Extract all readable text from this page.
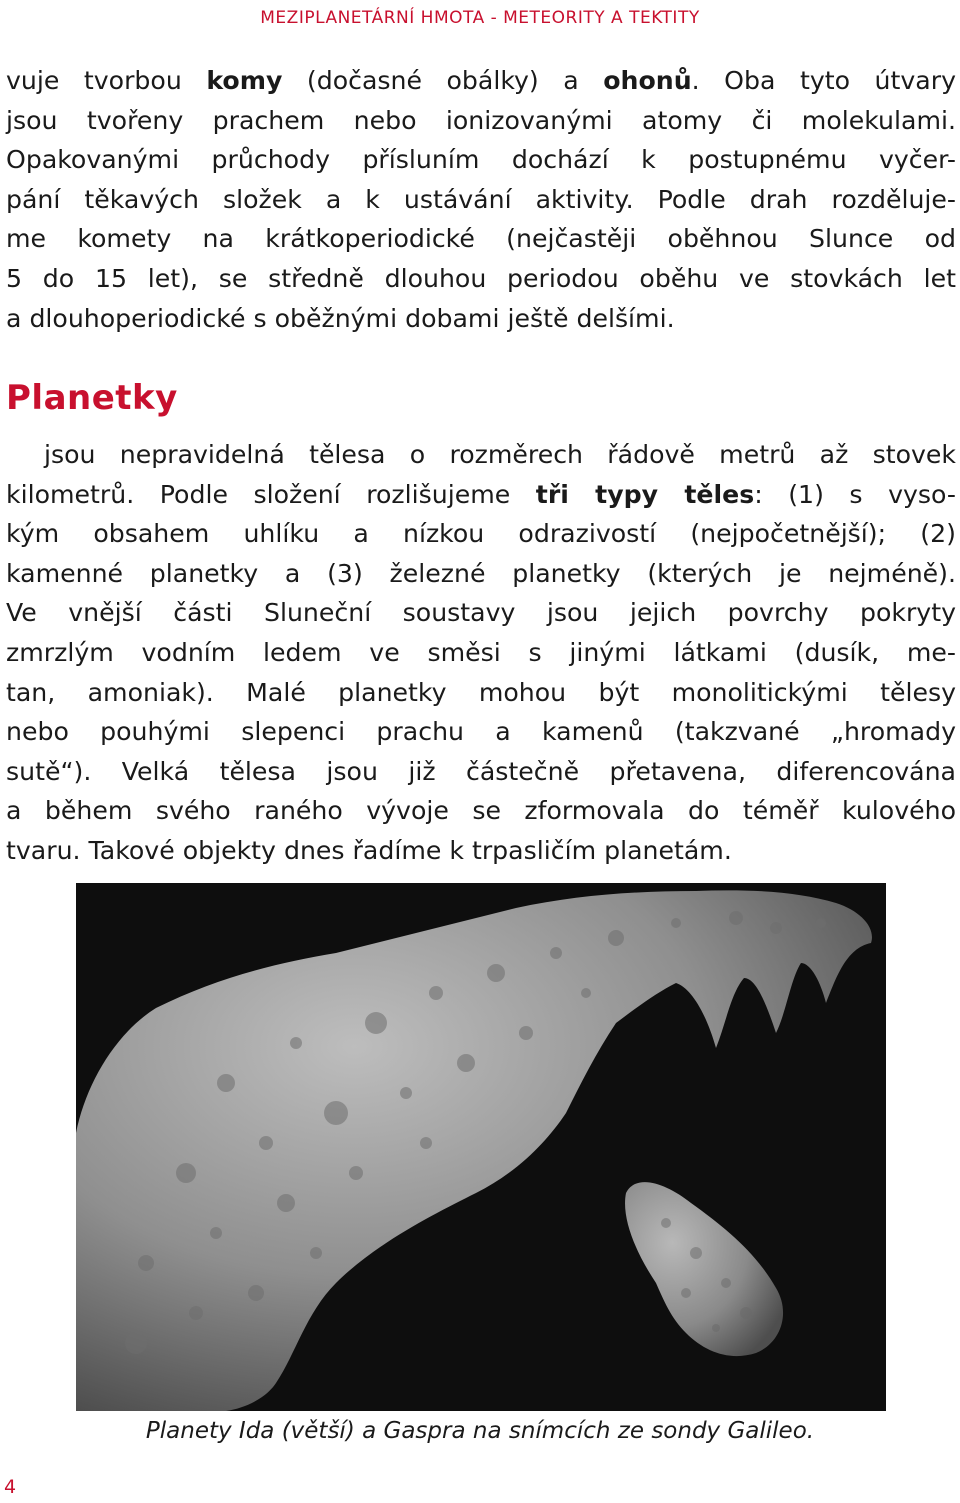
MEZIPLANETÁRNÍ HMOTA - METEORITY A TEKTITY
vuje tvorbou komy (dočasné obálky) a ohonů. Oba tyto útvary
jsou tvořeny prachem nebo ionizovanými atomy či molekulami.
Opakovanými průchody přísluním dochází k postupnému vyčer-
pání těkavých složek a k ustávání aktivity. Podle drah rozděluje-
me komety na krátkoperiodické (nejčastěji oběhnou Slunce od
5 do 15 let), se středně dlouhou periodou oběhu ve stovkách let
a dlouhoperiodické s oběžnými dobami ještě delšími.
Planetky
jsou nepravidelná tělesa o rozměrech řádově metrů až stovek
kilometrů. Podle složení rozlišujeme tři typy těles: (1) s vyso-
kým obsahem uhlíku a nízkou odrazivostí (nejpočetnější); (2)
kamenné planetky a (3) železné planetky (kterých je nejméně).
Ve vnější části Sluneční soustavy jsou jejich povrchy pokryty
zmrzlým vodním ledem ve směsi s jinými látkami (dusík, me-
tan, amoniak). Malé planetky mohou být monolitickými tělesy
nebo pouhými slepenci prachu a kamenů (takzvané „hromady
sutě“). Velká tělesa jsou již částečně přetavena, diferencována
a během svého raného vývoje se zformovala do téměř kulového
tvaru. Takové objekty dnes řadíme k trpasličím planetám.
Planety Ida (větší) a Gaspra na snímcích ze sondy Galileo.
4
